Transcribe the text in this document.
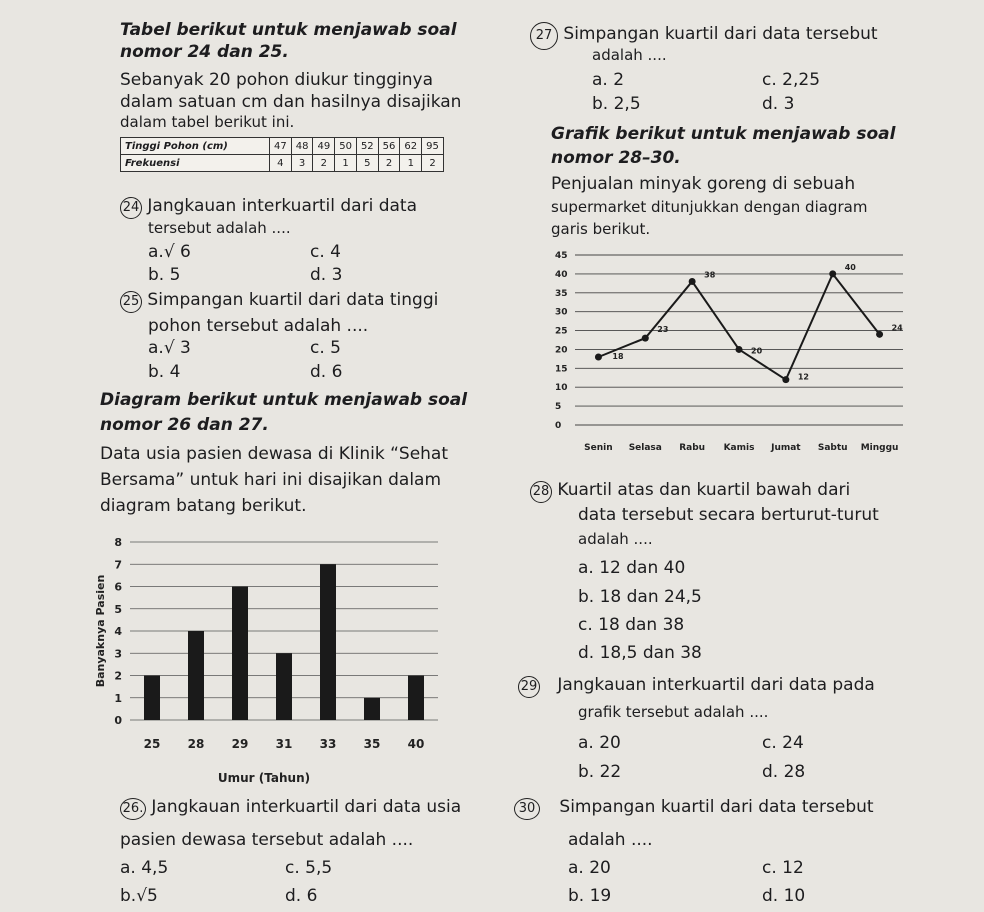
Tabel berikut untuk menjawab soal
nomor 24 dan 25.
Sebanyak 20 pohon diukur tingginya
dalam satuan cm dan hasilnya disajikan
dalam tabel berikut ini.
Tinggi Pohon (cm)	47	48	49	50	52	56	62	95
Frekuensi	4	3	2	1	5	2	1	2
24 Jangkauan interkuartil dari data
tersebut adalah ....
a.√ 6	c. 4
b. 5	d. 3
25 Simpangan kuartil dari data tinggi
pohon tersebut adalah ....
a.√ 3	c. 5
b. 4	d. 6
Diagram berikut untuk menjawab soal
nomor 26 dan 27.
Data usia pasien dewasa di Klinik “Sehat
Bersama” untuk hari ini disajikan dalam
diagram batang berikut.
0
1
2
3
4
5
6
7
8
25 28 29 31 33 35 40
Umur (Tahun)
Banyaknya Pasien
26. Jangkauan interkuartil dari data usia
pasien dewasa tersebut adalah ....
a. 4,5	c. 5,5
b.√5	d. 6
27 Simpangan kuartil dari data tersebut
adalah ....
a. 2	c. 2,25
b. 2,5	d. 3
Grafik berikut untuk menjawab soal
nomor 28–30.
Penjualan minyak goreng di sebuah
supermarket ditunjukkan dengan diagram
garis berikut.
0
5
10
15
20
25
30
35
40
45
18
Senin
23
Selasa
38
Rabu
20
Kamis
12
Jumat
40
Sabtu
24
Minggu
28 Kuartil atas dan kuartil bawah dari
data tersebut secara berturut-turut
adalah ....
a. 12 dan 40
b. 18 dan 24,5
c. 18 dan 38
d. 18,5 dan 38
29 Jangkauan interkuartil dari data pada
grafik tersebut adalah ....
a. 20	c. 24
b. 22	d. 28
30 Simpangan kuartil dari data tersebut
adalah ....
a. 20	c. 12
b. 19	d. 10
